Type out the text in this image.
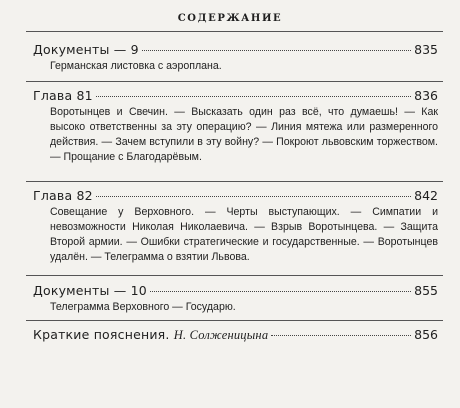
СОДЕРЖАНИЕ
Документы — 9	835
Германская листовка с аэроплана.
Глава 81	836
Воротынцев и Свечин. — Высказать один раз всё, что думаешь! — Как высоко ответственны за эту операцию? — Линия мятежа или размеренного действия. — Зачем вступили в эту войну? — Покроют львовским торжеством. — Прощание с Благодарёвым.
Глава 82	842
Совещание у Верховного. — Черты выступающих. — Симпатии и невозможности Николая Николаевича. — Взрыв Воротынцева. — Защита Второй армии. — Ошибки стратегические и государственные. — Воротынцев удалён. — Телеграмма о взятии Львова.
Документы — 10	855
Телеграмма Верховного — Государю.
Краткие пояснения. Н. Солженицына	856
